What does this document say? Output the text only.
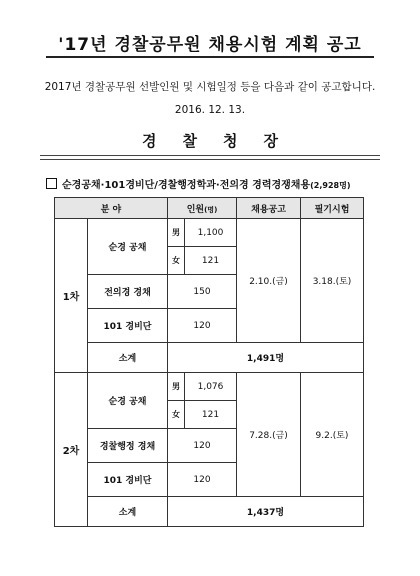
'17년 경찰공무원 채용시험 계획 공고
2017년 경찰공무원 선발인원 및 시험일정 등을 다음과 같이 공고합니다.
2016. 12. 13.
경 찰 청 장
순경공채·101경비단/경찰행정학과·전의경 경력경쟁채용(2,928명)
분 야		인원(명)		채용공고	필기시험
1차	순경 공채	男	1,100	2.10.(금)	3.18.(토)
		女	121		
	전의경 경채	150			
	101 경비단	120			
	소계	1,491명			
2차	순경 공채	男	1,076	7.28.(금)	9.2.(토)
		女	121		
	경찰행정 경채	120			
	101 경비단	120			
	소계	1,437명			
